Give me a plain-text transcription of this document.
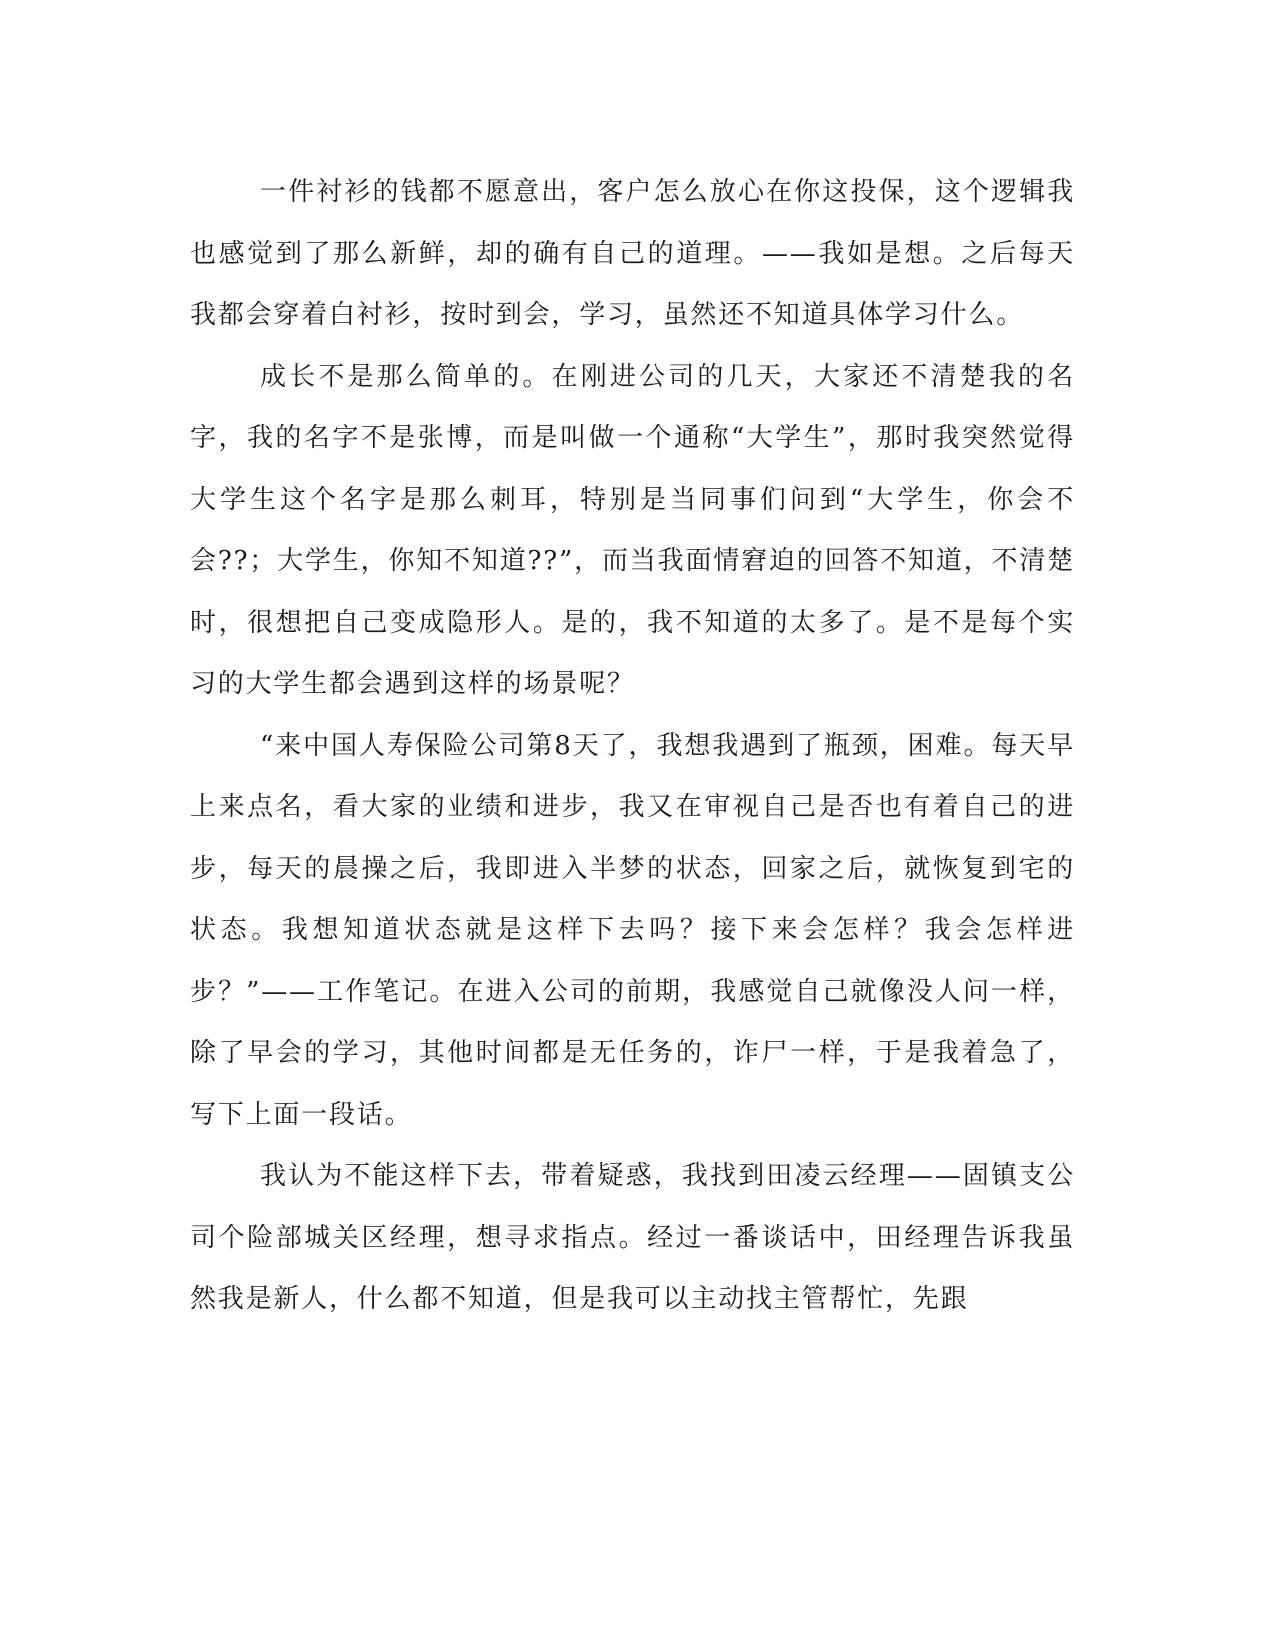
一件衬衫的钱都不愿意出，客户怎么放心在你这投保，这个逻辑我也感觉到了那么新鲜，却的确有自己的道理。——我如是想。之后每天我都会穿着白衬衫，按时到会，学习，虽然还不知道具体学习什么。

成长不是那么简单的。在刚进公司的几天，大家还不清楚我的名字，我的名字不是张博，而是叫做一个通称“大学生”，那时我突然觉得大学生这个名字是那么刺耳，特别是当同事们问到“大学生，你会不会??；大学生，你知不知道??”，而当我面情窘迫的回答不知道，不清楚时，很想把自己变成隐形人。是的，我不知道的太多了。是不是每个实习的大学生都会遇到这样的场景呢？

“来中国人寿保险公司第8天了，我想我遇到了瓶颈，困难。每天早上来点名，看大家的业绩和进步，我又在审视自己是否也有着自己的进步，每天的晨操之后，我即进入半梦的状态，回家之后，就恢复到宅的状态。我想知道状态就是这样下去吗？接下来会怎样？我会怎样进步？”——工作笔记。在进入公司的前期，我感觉自己就像没人问一样，除了早会的学习，其他时间都是无任务的，诈尸一样，于是我着急了，写下上面一段话。

我认为不能这样下去，带着疑惑，我找到田凌云经理——固镇支公司个险部城关区经理，想寻求指点。经过一番谈话中，田经理告诉我虽然我是新人，什么都不知道，但是我可以主动找主管帮忙，先跟
